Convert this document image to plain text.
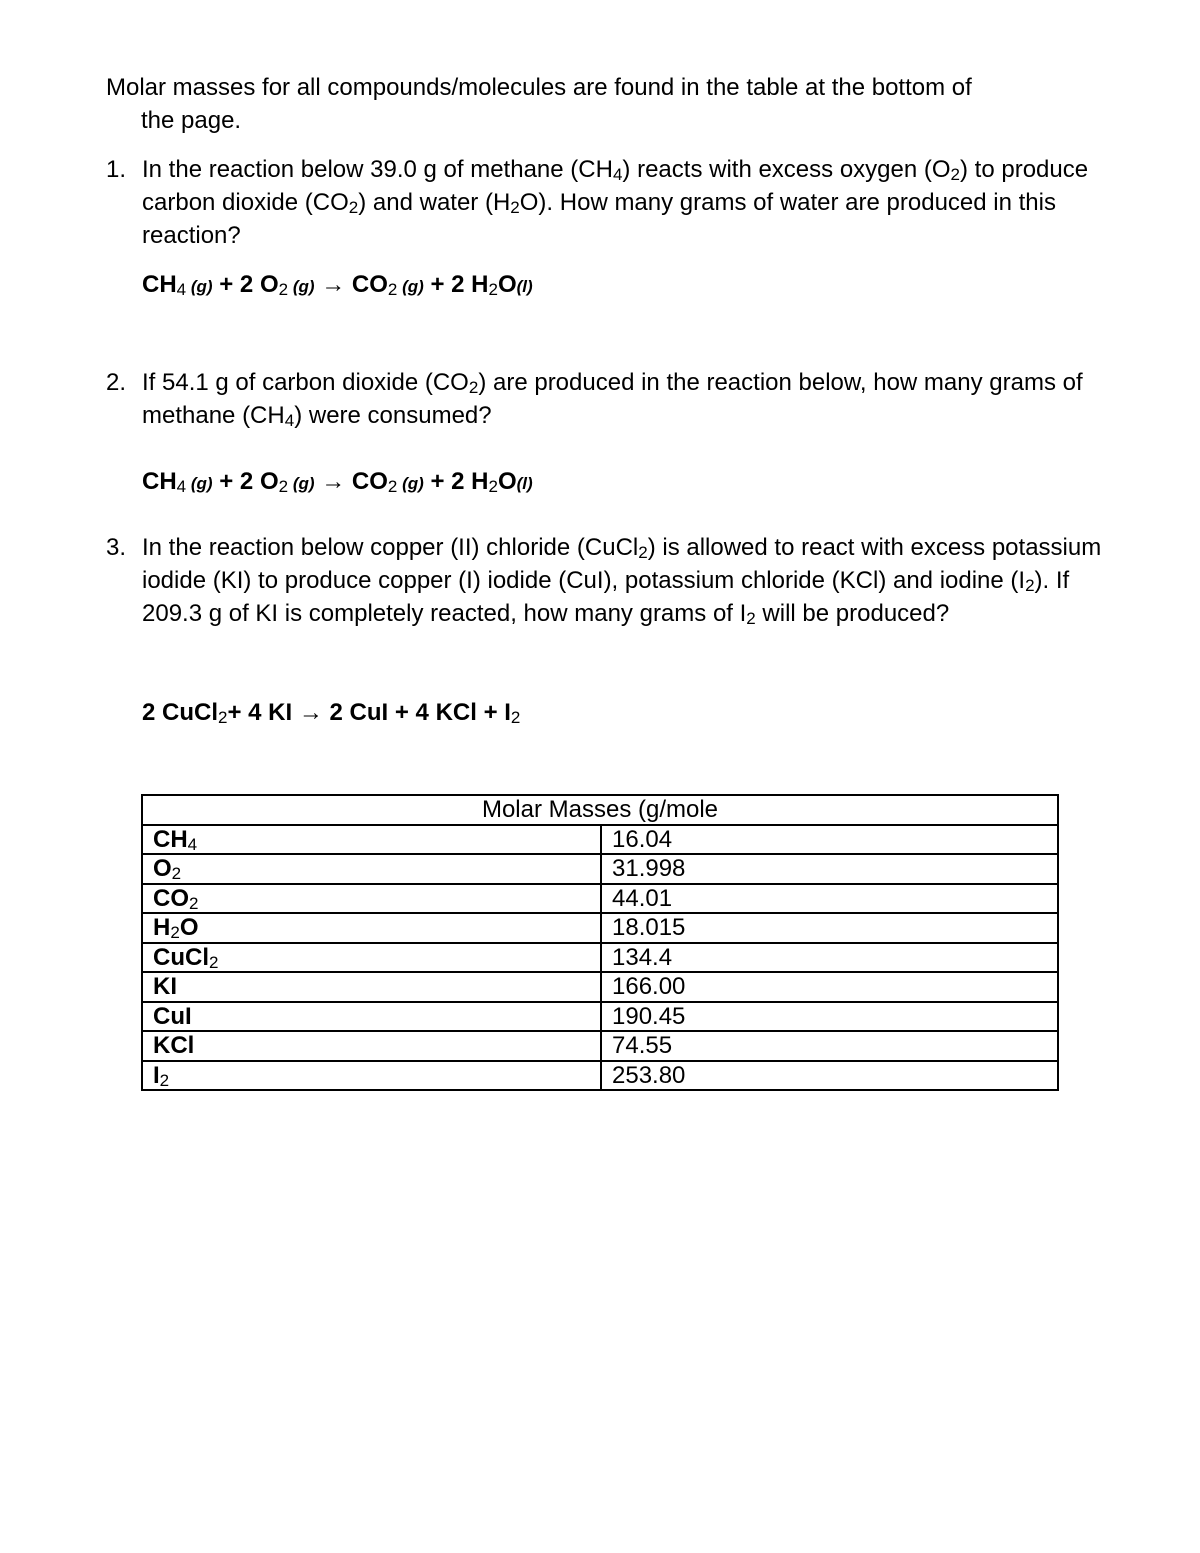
Molar masses for all compounds/molecules are found in the table at the bottom of
the page.

1. In the reaction below 39.0 g of methane $(CH_4)$ reacts with excess oxygen $(O_2)$ to produce carbon dioxide $(CO_2)$ and water $(H_2O)$. How many grams of water are produced in this reaction?

$CH_4$ (g) + 2 $O_2$ $(g) \to CO_2$ (g) + 2 $H_2O(l)$
2. If 54.1 g of carbon dioxide $(CO_2)$ are produced in the reaction below, how many grams of methane $(CH_4)$ were consumed?

$CH_4$ (g) + 2 $O_2$ $(g) \to CO_2$ (g) + 2 $H_2O(l)$
3. In the reaction below copper (II) chloride (CuCl$_2$) is allowed to react with excess potassium iodide (KI) to produce copper (I) iodide (CuI), potassium chloride (KCl) and iodine $(I_2)$. If 209.3 g of KI is completely reacted, how many grams of $I_2$ will be produced?

2 CuCl$_2$+ 4 KI → 2 CuI + 4 KCl + $I_2$
Molar Masses (g/mole	
$CH_4$	16.04
$O_2$	31.998
$CO_2$	44.01
$H_2O$	18.015
CuCl$_2$	134.4
KI	166.00
CuI	190.45
KCl	74.55
$I_2$	253.80
